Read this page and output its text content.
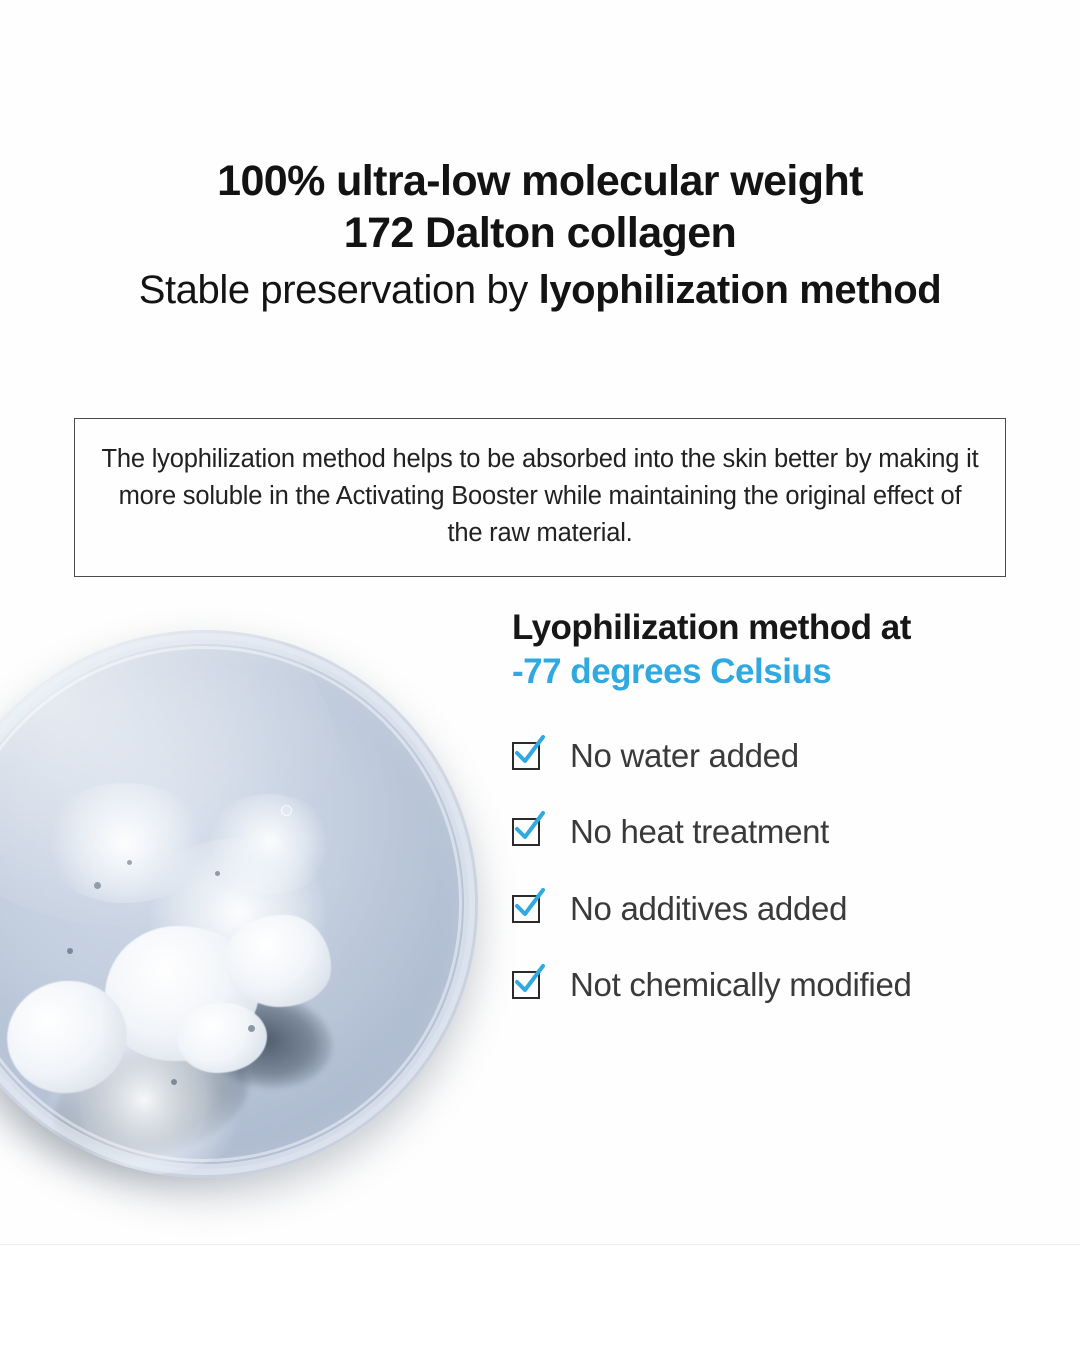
100% ultra-low molecular weight
172 Dalton collagen
Stable preservation by lyophilization method

The lyophilization method helps to be absorbed into the skin better by making it more soluble in the Activating Booster while maintaining the original effect of the raw material.

Lyophilization method at
-77 degrees Celsius
No water added
No heat treatment
No additives added
Not chemically modified
